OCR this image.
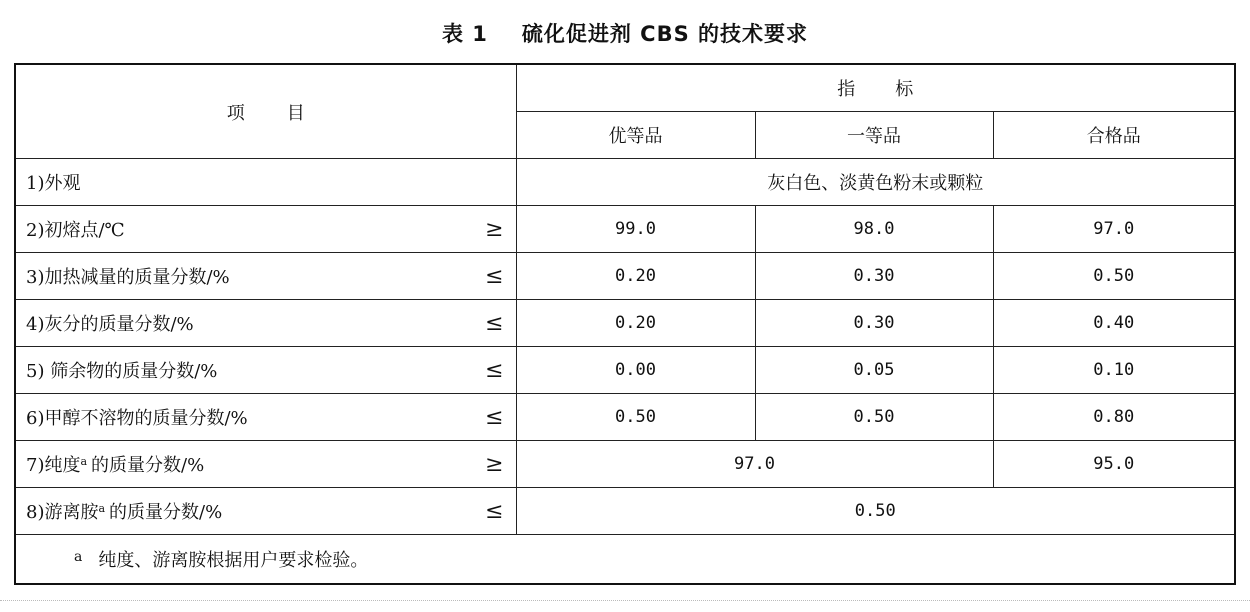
表 1 硫化促进剂 CBS 的技术要求
项目	指标		
	优等品	一等品	合格品
1)外观	灰白色、淡黄色粉末或颗粒		

2)初熔点/℃ ≥	99.0	98.0	97.0

3)加热减量的质量分数/% ≤	0.20	0.30	0.50

4)灰分的质量分数/% ≤	0.20	0.30	0.40

5) 筛余物的质量分数/% ≤	0.00	0.05	0.10

6)甲醇不溶物的质量分数/% ≤	0.50	0.50	0.80

7)纯度$^a$ 的质量分数/% ≥	97.0		95.0

8)游离胺$^a$ 的质量分数/% ≤	0.50		
$^a$ 纯度、游离胺根据用户要求检验。			
